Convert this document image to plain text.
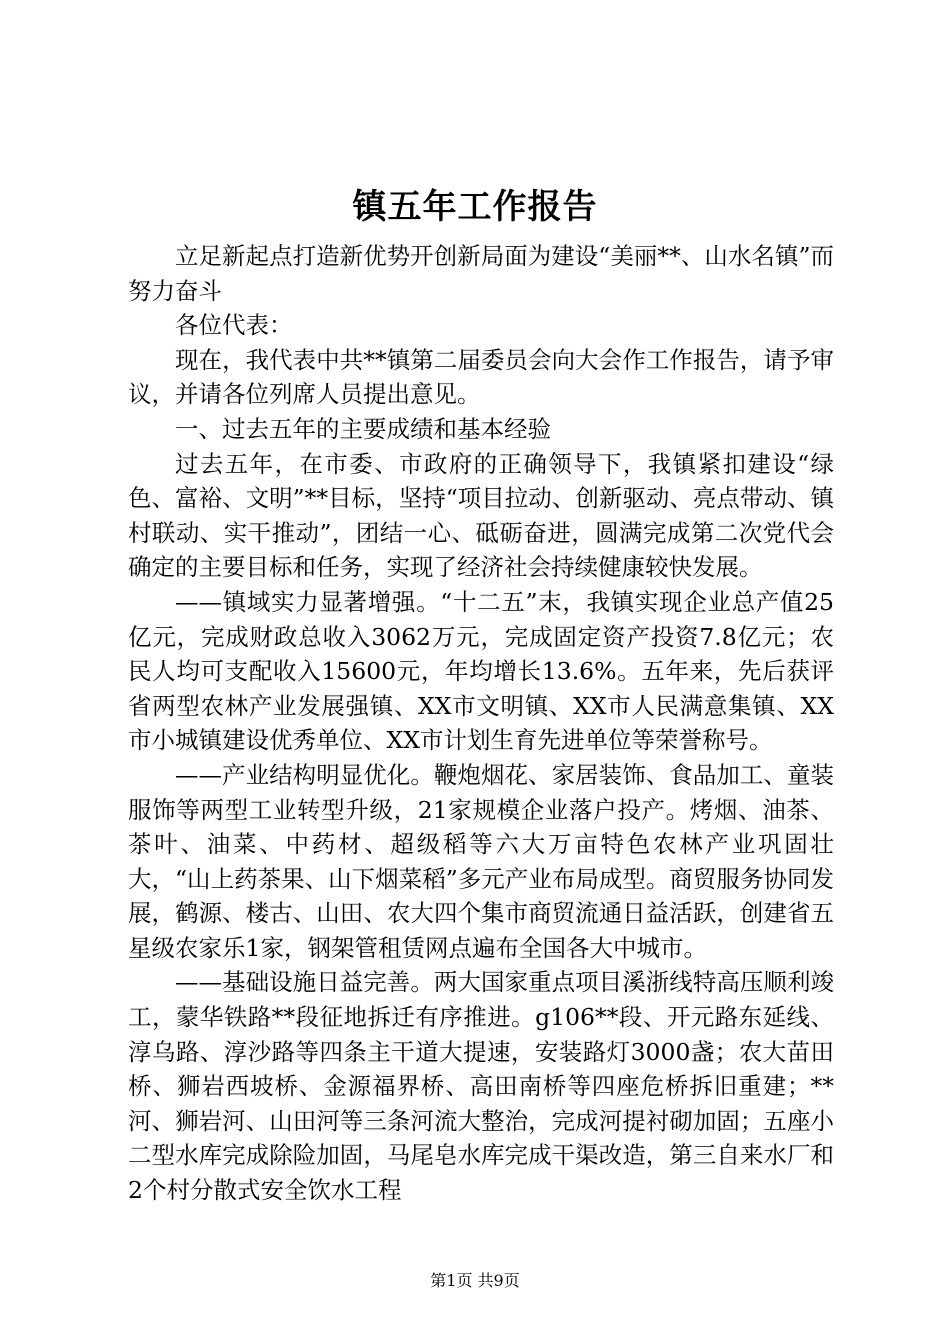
镇五年工作报告

立足新起点打造新优势开创新局面为建设“美丽**、山水名镇”而努力奋斗

各位代表：

现在，我代表中共**镇第二届委员会向大会作工作报告，请予审议，并请各位列席人员提出意见。

一、过去五年的主要成绩和基本经验

过去五年，在市委、市政府的正确领导下，我镇紧扣建设“绿色、富裕、文明”**目标，坚持“项目拉动、创新驱动、亮点带动、镇村联动、实干推动”，团结一心、砥砺奋进，圆满完成第二次党代会确定的主要目标和任务，实现了经济社会持续健康较快发展。

——镇域实力显著增强。“十二五”末，我镇实现企业总产值25亿元，完成财政总收入3062万元，完成固定资产投资7.8亿元；农民人均可支配收入15600元，年均增长13.6%。五年来，先后获评省两型农林产业发展强镇、XX市文明镇、XX市人民满意集镇、XX市小城镇建设优秀单位、XX市计划生育先进单位等荣誉称号。

——产业结构明显优化。鞭炮烟花、家居装饰、食品加工、童装服饰等两型工业转型升级，21家规模企业落户投产。烤烟、油茶、茶叶、油菜、中药材、超级稻等六大万亩特色农林产业巩固壮大，“山上药茶果、山下烟菜稻”多元产业布局成型。商贸服务协同发展，鹤源、楼古、山田、农大四个集市商贸流通日益活跃，创建省五星级农家乐1家，钢架管租赁网点遍布全国各大中城市。

——基础设施日益完善。两大国家重点项目溪浙线特高压顺利竣工，蒙华铁路**段征地拆迁有序推进。g106**段、开元路东延线、淳乌路、淳沙路等四条主干道大提速，安装路灯3000盏；农大苗田桥、狮岩西坡桥、金源福界桥、高田南桥等四座危桥拆旧重建；**河、狮岩河、山田河等三条河流大整治，完成河提衬砌加固；五座小二型水库完成除险加固，马尾皂水库完成干渠改造，第三自来水厂和2个村分散式安全饮水工程

第1页 共9页
